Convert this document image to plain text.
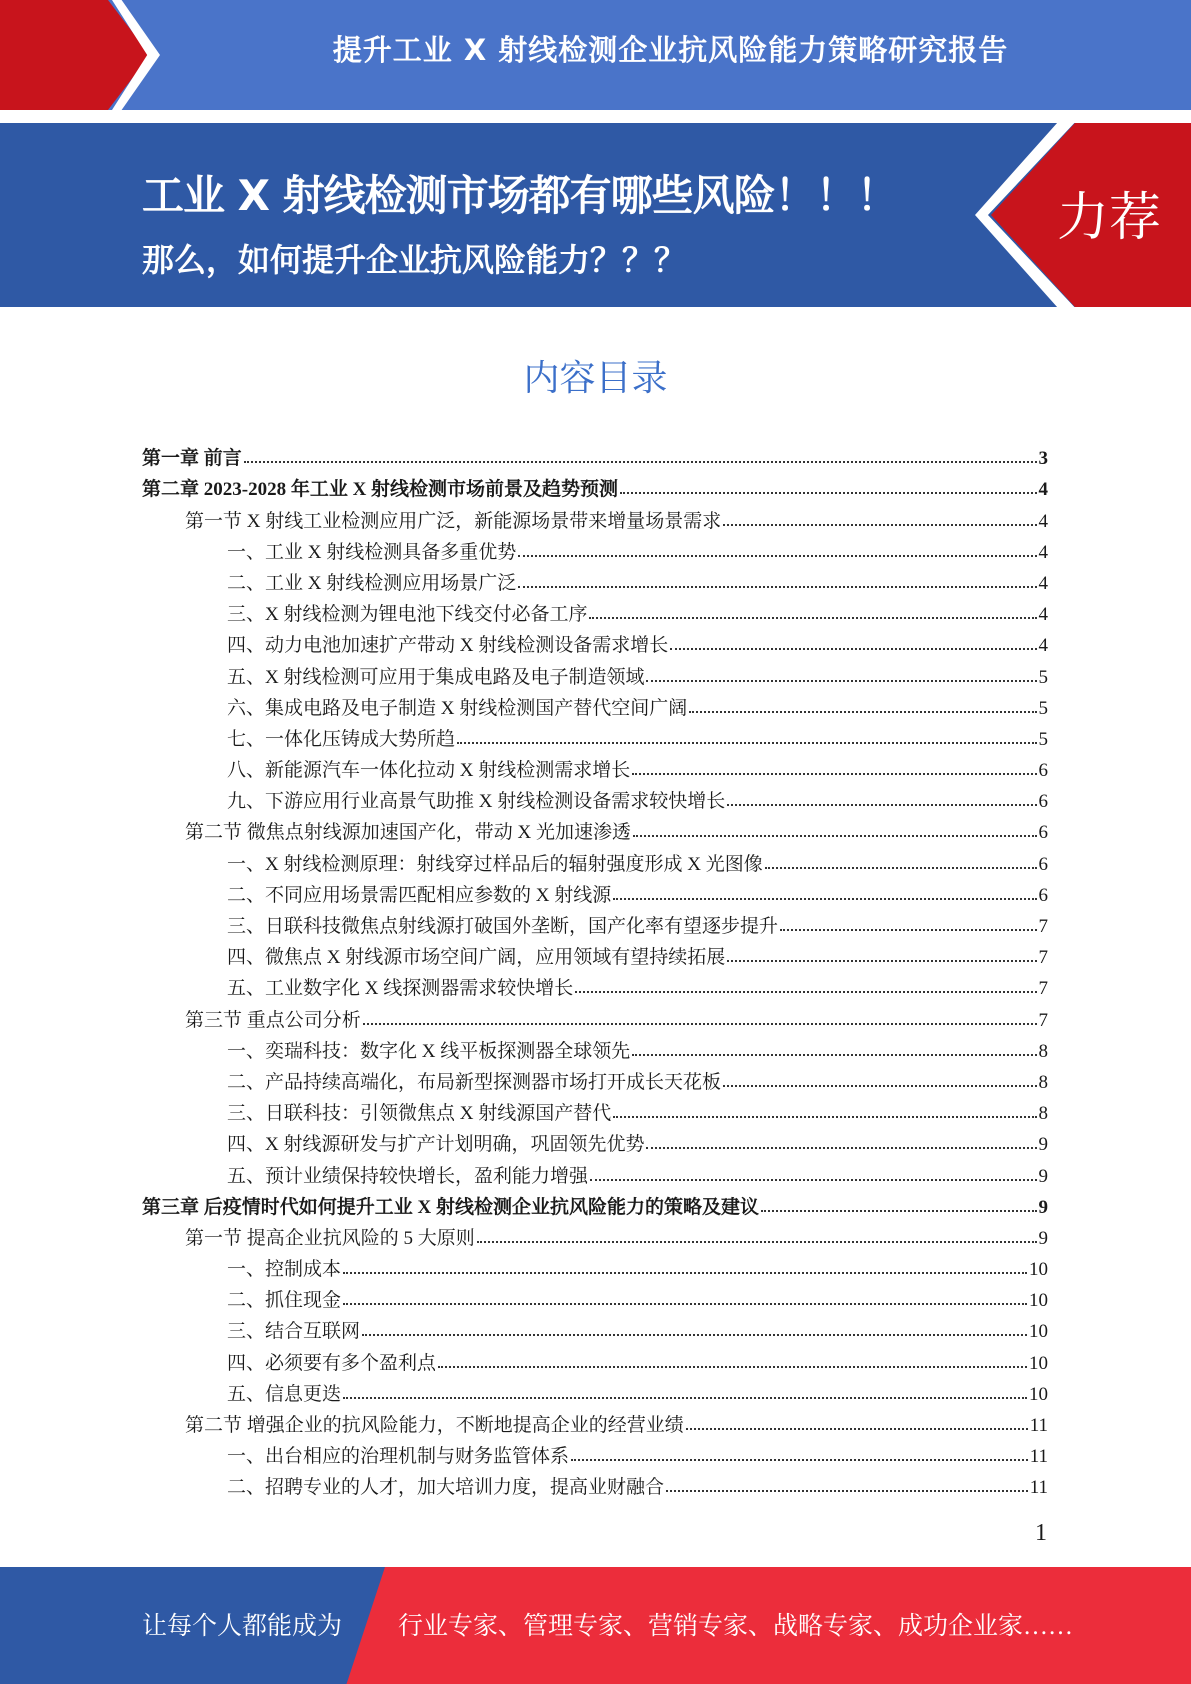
提升工业 X 射线检测企业抗风险能力策略研究报告
工业 X 射线检测市场都有哪些风险！！！
那么，如何提升企业抗风险能力？？？
力荐
内容目录
第一章 前言	3
第二章 2023-2028 年工业 X 射线检测市场前景及趋势预测	4
第一节 X 射线工业检测应用广泛，新能源场景带来增量场景需求	4
一、工业 X 射线检测具备多重优势	4
二、工业 X 射线检测应用场景广泛	4
三、X 射线检测为锂电池下线交付必备工序	4
四、动力电池加速扩产带动 X 射线检测设备需求增长	4
五、X 射线检测可应用于集成电路及电子制造领域	5
六、集成电路及电子制造 X 射线检测国产替代空间广阔	5
七、一体化压铸成大势所趋	5
八、新能源汽车一体化拉动 X 射线检测需求增长	6
九、下游应用行业高景气助推 X 射线检测设备需求较快增长	6
第二节 微焦点射线源加速国产化，带动 X 光加速渗透	6
一、X 射线检测原理：射线穿过样品后的辐射强度形成 X 光图像	6
二、不同应用场景需匹配相应参数的 X 射线源	6
三、日联科技微焦点射线源打破国外垄断，国产化率有望逐步提升	7
四、微焦点 X 射线源市场空间广阔，应用领域有望持续拓展	7
五、工业数字化 X 线探测器需求较快增长	7
第三节 重点公司分析	7
一、奕瑞科技：数字化 X 线平板探测器全球领先	8
二、产品持续高端化，布局新型探测器市场打开成长天花板	8
三、日联科技：引领微焦点 X 射线源国产替代	8
四、X 射线源研发与扩产计划明确，巩固领先优势	9
五、预计业绩保持较快增长，盈利能力增强	9
第三章 后疫情时代如何提升工业 X 射线检测企业抗风险能力的策略及建议	9
第一节 提高企业抗风险的 5 大原则	9
一、控制成本	10
二、抓住现金	10
三、结合互联网	10
四、必须要有多个盈利点	10
五、信息更迭	10
第二节 增强企业的抗风险能力，不断地提高企业的经营业绩	11
一、出台相应的治理机制与财务监管体系	11
二、招聘专业的人才，加大培训力度，提高业财融合	11
1
让每个人都能成为 行业专家、管理专家、营销专家、战略专家、成功企业家……
